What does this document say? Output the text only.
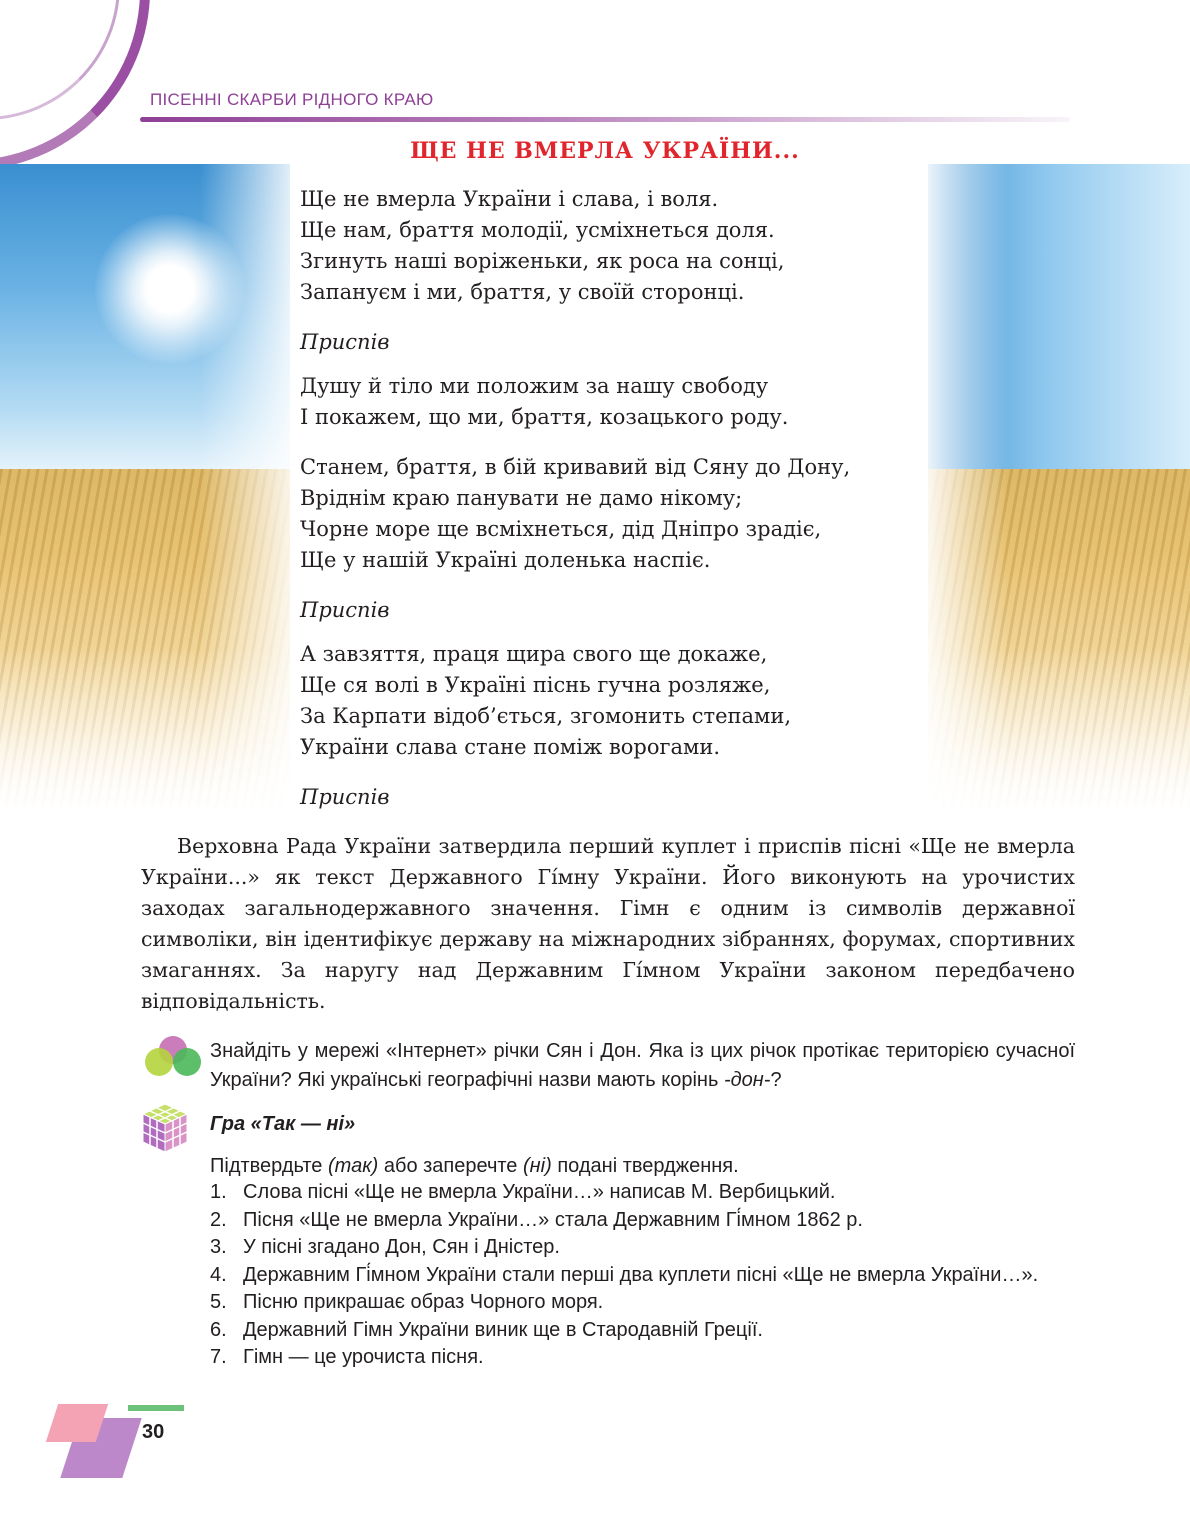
ПІСЕННІ СКАРБИ РІДНОГО КРАЮ
ЩЕ НЕ ВМЕРЛА УКРАЇНИ...
Ще не вмерла України і слава, і воля.
Ще нам, браття молодії, усміхнеться доля.
Згинуть наші воріженьки, як роса на сонці,
Запануєм і ми, браття, у своїй сторонці.
Приспів
Душу й тіло ми положим за нашу свободу
І покажем, що ми, браття, козацького роду.
Станем, браття, в бій кривавий від Сяну до Дону,
Вріднім краю панувати не дамо нікому;
Чорне море ще всміхнеться, дід Дніпро зрадіє,
Ще у нашій Україні доленька наспіє.
Приспів
А завзяття, праця щира свого ще докаже,
Ще ся волі в Україні піснь гучна розляже,
За Карпати відоб’ється, згомонить степами,
України слава стане поміж ворогами.
Приспів
Верховна Рада України затвердила перший куплет і приспів пісні «Ще не вмерла України...» як текст Державного Гі́мну України. Його виконують на урочистих заходах загальнодержавного значення. Гімн є одним із символів державної символіки, він ідентифікує державу на міжнародних зібраннях, форумах, спортивних змаганнях. За наругу над Державним Гі́мном України законом передбачено відповідальність.
Знайдіть у мережі «Інтернет» річки Сян і Дон. Яка із цих річок протікає територією сучасної України? Які українські географічні назви мають корінь -дон-?
Гра «Так — ні»
Підтвердьте (так) або заперечте (ні) подані твердження.
1. Слова пісні «Ще не вмерла України…» написав М. Вербицький.
2. Пісня «Ще не вмерла України…» стала Державним Гі́мном 1862 р.
3. У пісні згадано Дон, Сян і Дністер.
4. Державним Гі́мном України стали перші два куплети пісні «Ще не вмерла України…».
5. Пісню прикрашає образ Чорного моря.
6. Державний Гімн України виник ще в Стародавній Греції.
7. Гімн — це урочиста пісня.
30
